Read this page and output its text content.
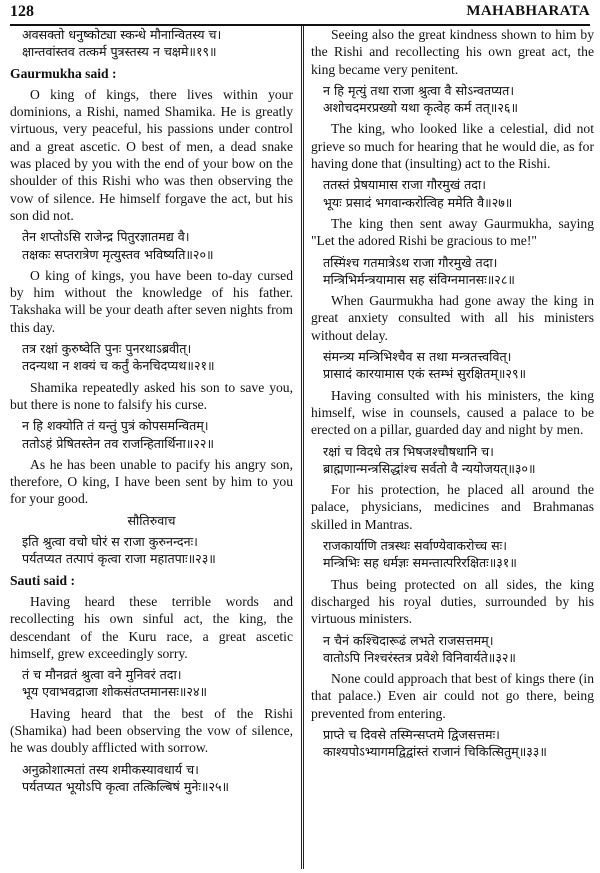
128	MAHABHARATA

अवसक्तो धनुष्कोट्या स्कन्धे मौनान्वितस्य च।

क्षान्तवांस्तव तत्कर्म पुत्रस्तस्य न चक्षमे॥१९॥

Gaurmukha said :

O king of kings, there lives within your dominions, a Rishi, named Shamika. He is greatly virtuous, very peaceful, his passions under control and a great ascetic. O best of men, a dead snake was placed by you with the end of your bow on the shoulder of this Rishi who was then observing the vow of silence. He himself forgave the act, but his son did not.

तेन शप्तोऽसि राजेन्द्र पितुरज्ञातमद्य वै।

तक्षकः सप्तरात्रेण मृत्युस्तव भविष्यति॥२०॥

O king of kings, you have been to-day cursed by him without the knowledge of his father. Takshaka will be your death after seven nights from this day.

तत्र रक्षां कुरुष्वेति पुनः पुनरथाऽब्रवीत्।

तदन्यथा न शक्यं च कर्तुं केनचिदप्यथ॥२१॥

Shamika repeatedly asked his son to save you, but there is none to falsify his curse.

न हि शक्योति तं यन्तुं पुत्रं कोपसमन्वितम्।

ततोऽहं प्रेषितस्तेन तव राजन्हितार्थिना॥२२॥

As he has been unable to pacify his angry son, therefore, O king, I have been sent by him to you for your good.

सौतिरुवाच

इति श्रुत्वा वचो घोरं स राजा कुरुनन्दनः।

पर्यतप्यत तत्पापं कृत्वा राजा महातपाः॥२३॥

Sauti said :

Having heard these terrible words and recollecting his own sinful act, the king, the descendant of the Kuru race, a great ascetic himself, grew exceedingly sorry.

तं च मौनव्रतं श्रुत्वा वने मुनिवरं तदा।

भूय एवाभवद्राजा शोकसंतप्तमानसः॥२४॥

Having heard that the best of the Rishi (Shamika) had been observing the vow of silence, he was doubly afflicted with sorrow.

अनुक्रोशात्मतां तस्य शमीकस्यावधार्य च।

पर्यतप्यत भूयोऽपि कृत्वा तत्किल्बिषं मुनेः॥२५॥

Seeing also the great kindness shown to him by the Rishi and recollecting his own great act, the king became very penitent.

न हि मृत्युं तथा राजा श्रुत्वा वै सोऽन्वतप्यत।

अशोचदमरप्रख्यो यथा कृत्वेह कर्म तत्॥२६॥

The king, who looked like a celestial, did not grieve so much for hearing that he would die, as for having done that (insulting) act to the Rishi.

ततस्तं प्रेषयामास राजा गौरमुखं तदा।

भूयः प्रसादं भगवान्करोत्विह ममेति वै॥२७॥

The king then sent away Gaurmukha, saying "Let the adored Rishi be gracious to me!"

तस्मिंश्च गतमात्रेऽथ राजा गौरमुखे तदा।

मन्त्रिभिर्मन्त्रयामास सह संविग्नमानसः॥२८॥

When Gaurmukha had gone away the king in great anxiety consulted with all his ministers without delay.

संमन्त्र्य मन्त्रिभिश्चैव स तथा मन्त्रतत्त्ववित्।

प्रासादं कारयामास एकं स्तम्भं सुरक्षितम्॥२९॥

Having consulted with his ministers, the king himself, wise in counsels, caused a palace to be erected on a pillar, guarded day and night by men.

रक्षां च विदधे तत्र भिषजश्चौषधानि च।

ब्राह्मणान्मन्त्रसिद्धांश्च सर्वतो वै न्ययोजयत्॥३०॥

For his protection, he placed all around the palace, physicians, medicines and Brahmanas skilled in Mantras.

राजकार्याणि तत्रस्थः सर्वाण्येवाकरोच्च सः।

मन्त्रिभिः सह धर्मज्ञः समन्तात्परिरक्षितः॥३१॥

Thus being protected on all sides, the king discharged his royal duties, surrounded by his virtuous ministers.

न चैनं कश्चिदारूढं लभते राजसत्तमम्।

वातोऽपि निश्चरंस्तत्र प्रवेशे विनिवार्यते॥३२॥

None could approach that best of kings there (in that palace.) Even air could not go there, being prevented from entering.

प्राप्ते च दिवसे तस्मिन्सप्तमे द्विजसत्तमः।

काश्यपोऽभ्यागमद्विद्वांस्तं राजानं चिकित्सितुम्॥३३॥
